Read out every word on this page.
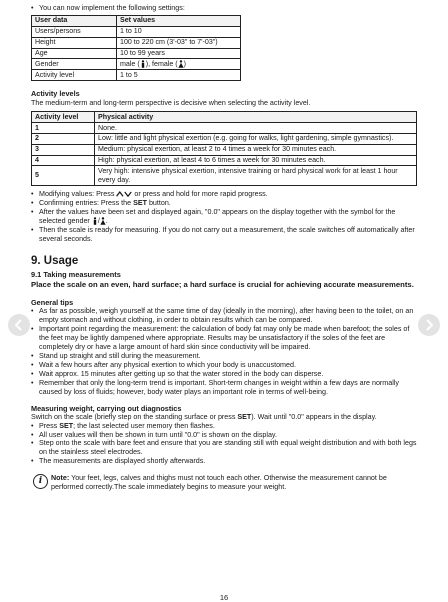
• You can now implement the following settings:
User data	Set values
Users/persons	1 to 10
Height	100 to 220 cm (3'-03" to 7'-03")
Age	10 to 99 years
Gender	male ( ), female ( )
Activity level	1 to 5
Activity levels
The medium-term and long-term perspective is decisive when selecting the activity level.
Activity level	Physical activity
1	None.
2	Low: little and light physical exertion (e.g. going for walks, light gardening, simple gymnastics).
3	Medium: physical exertion, at least 2 to 4 times a week for 30 minutes each.
4	High: physical exertion, at least 4 to 6 times a week for 30 minutes each.
5	Very high: intensive physical exertion, intensive training or hard physical work for at least 1 hour every day.
• Modifying values: Press	or press and hold for more rapid progress.
• Confirming entries: Press the SET button.
• After the values have been set and displayed again, "0.0" appears on the display together with the symbol for the selected gender / .
• Then the scale is ready for measuring. If you do not carry out a measurement, the scale switches off automatically after several seconds.
9. Usage
9.1 Taking measurements
Place the scale on an even, hard surface; a hard surface is crucial for achieving accurate measurements.
General tips
• As far as possible, weigh yourself at the same time of day (ideally in the morning), after having been to the toilet, on an empty stomach and without clothing, in order to obtain results which can be compared.
• Important point regarding the measurement: the calculation of body fat may only be made when barefoot; the soles of the feet may be lightly dampened where appropriate. Results may be unsatisfactory if the soles of the feet are completely dry or have a large amount of hard skin since conductivity will be impaired.
• Stand up straight and still during the measurement.
• Wait a few hours after any physical exertion to which your body is unaccustomed.
• Wait approx. 15 minutes after getting up so that the water stored in the body can disperse.
• Remember that only the long-term trend is important. Short-term changes in weight within a few days are normally caused by loss of fluids; however, body water plays an important role in terms of well-being.
Measuring weight, carrying out diagnostics
Switch on the scale (briefly step on the standing surface or press SET). Wait until "0.0" appears in the display.
• Press SET; the last selected user memory then flashes.
• All user values will then be shown in turn until "0.0" is shown on the display.
• Step onto the scale with bare feet and ensure that you are standing still with equal weight distribution and with both legs on the stainless steel electrodes.
• The measurements are displayed shortly afterwards.
i	Note: Your feet, legs, calves and thighs must not touch each other. Otherwise the measurement cannot be performed correctly.The scale immediately begins to measure your weight.
16
